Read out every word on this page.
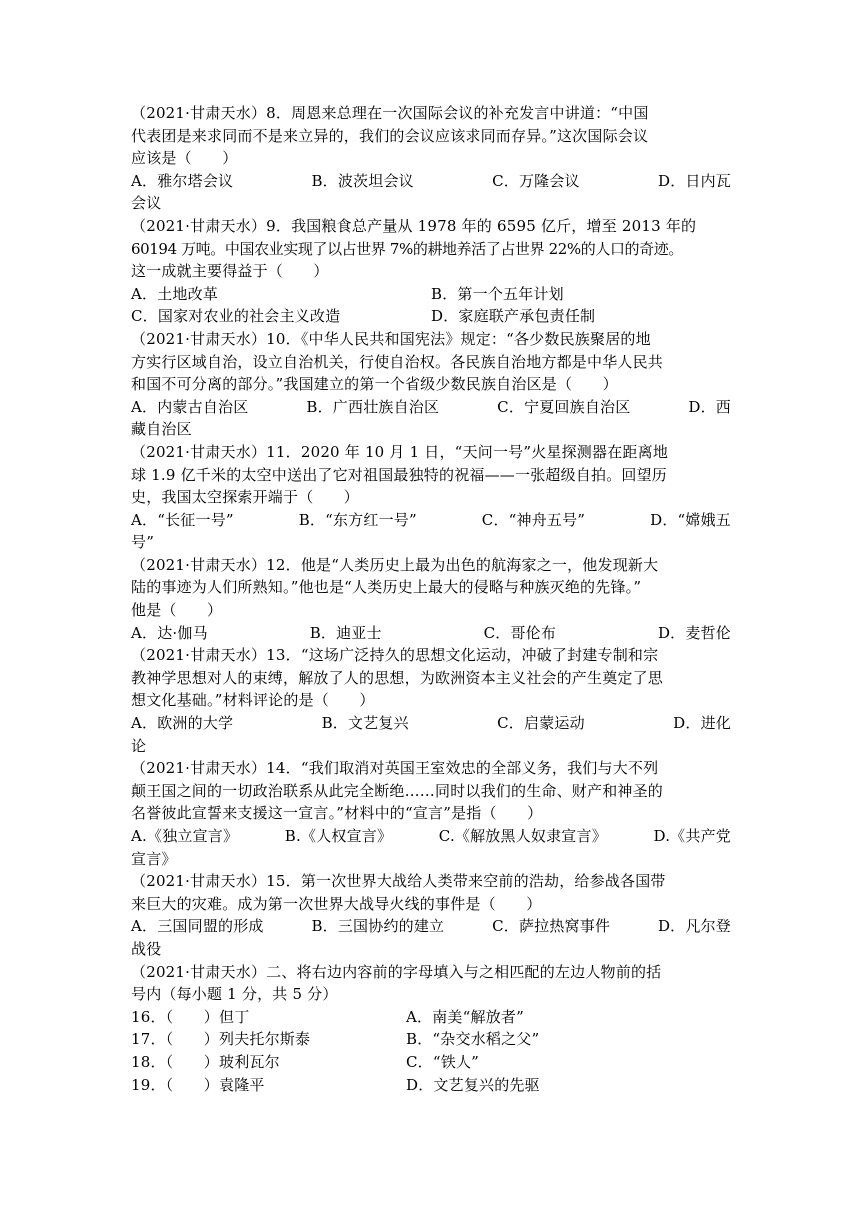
（2021·甘肃天水）8．周恩来总理在一次国际会议的补充发言中讲道：“中国
代表团是来求同而不是来立异的，我们的会议应该求同而存异。”这次国际会议
应该是（　　）
A．雅尔塔会议	B．波茨坦会议	C．万隆会议	D．日内瓦
会议
（2021·甘肃天水）9．我国粮食总产量从 1978 年的 6595 亿斤，增至 2013 年的
60194 万吨。中国农业实现了以占世界 7%的耕地养活了占世界 22%的人口的奇迹。
这一成就主要得益于（　　）
A．土地改革	B．第一个五年计划
C．国家对农业的社会主义改造	D．家庭联产承包责任制
（2021·甘肃天水）10．《中华人民共和国宪法》规定：“各少数民族聚居的地
方实行区域自治，设立自治机关，行使自治权。各民族自治地方都是中华人民共
和国不可分离的部分。”我国建立的第一个省级少数民族自治区是（　　）
A．内蒙古自治区	B．广西壮族自治区	C．宁夏回族自治区	D．西
藏自治区
（2021·甘肃天水）11．2020 年 10 月 1 日，“天问一号”火星探测器在距离地
球 1.9 亿千米的太空中送出了它对祖国最独特的祝福——一张超级自拍。回望历
史，我国太空探索开端于（　　）
A．“长征一号”	B．“东方红一号”	C．“神舟五号”	D．“嫦娥五
号”
（2021·甘肃天水）12．他是“人类历史上最为出色的航海家之一，他发现新大
陆的事迹为人们所熟知。”他也是“人类历史上最大的侵略与种族灭绝的先锋。”
他是（　　）
A．达·伽马	B．迪亚士	C．哥伦布	D．麦哲伦
（2021·甘肃天水）13．“这场广泛持久的思想文化运动，冲破了封建专制和宗
教神学思想对人的束缚，解放了人的思想，为欧洲资本主义社会的产生奠定了思
想文化基础。”材料评论的是（　　）
A．欧洲的大学	B．文艺复兴	C．启蒙运动	D．进化
论
（2021·甘肃天水）14．“我们取消对英国王室效忠的全部义务，我们与大不列
颠王国之间的一切政治联系从此完全断绝……同时以我们的生命、财产和神圣的
名誉彼此宣誓来支援这一宣言。”材料中的“宣言”是指（　　）
A.《独立宣言》	B.《人权宣言》	C.《解放黑人奴隶宣言》	D.《共产党
宣言》
（2021·甘肃天水）15．第一次世界大战给人类带来空前的浩劫，给参战各国带
来巨大的灾难。成为第一次世界大战导火线的事件是（　　）
A．三国同盟的形成	B．三国协约的建立	C．萨拉热窝事件	D．凡尔登
战役
（2021·甘肃天水）二、将右边内容前的字母填入与之相匹配的左边人物前的括
号内（每小题 1 分，共 5 分）
16．（　　）但丁	A．南美“解放者”
17．（　　）列夫托尔斯泰	B．“杂交水稻之父”
18．（　　）玻利瓦尔	C．“铁人”
19．（　　）袁隆平	D．文艺复兴的先驱
